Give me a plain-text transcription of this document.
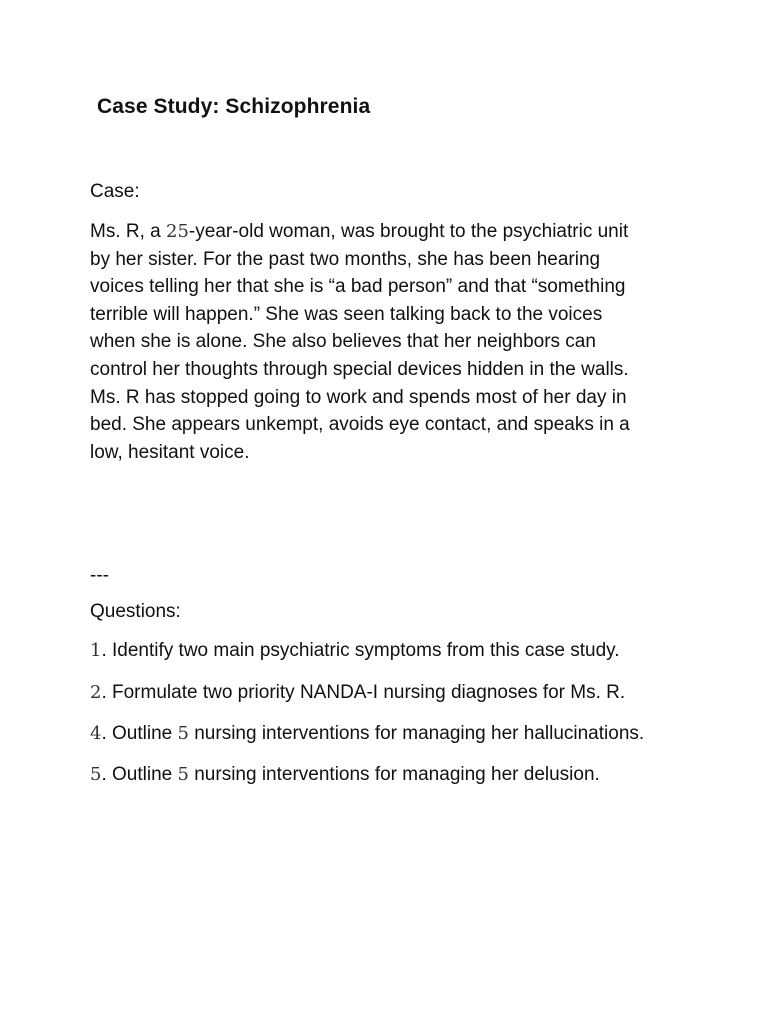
Case Study: Schizophrenia
Case:
Ms. R, a 25-year-old woman, was brought to the psychiatric unit
by her sister. For the past two months, she has been hearing
voices telling her that she is “a bad person” and that “something
terrible will happen.” She was seen talking back to the voices
when she is alone. She also believes that her neighbors can
control her thoughts through special devices hidden in the walls.
Ms. R has stopped going to work and spends most of her day in
bed. She appears unkempt, avoids eye contact, and speaks in a
low, hesitant voice.
---
Questions:
1. Identify two main psychiatric symptoms from this case study.
2. Formulate two priority NANDA-I nursing diagnoses for Ms. R.
4. Outline 5 nursing interventions for managing her hallucinations.
5. Outline 5 nursing interventions for managing her delusion.
